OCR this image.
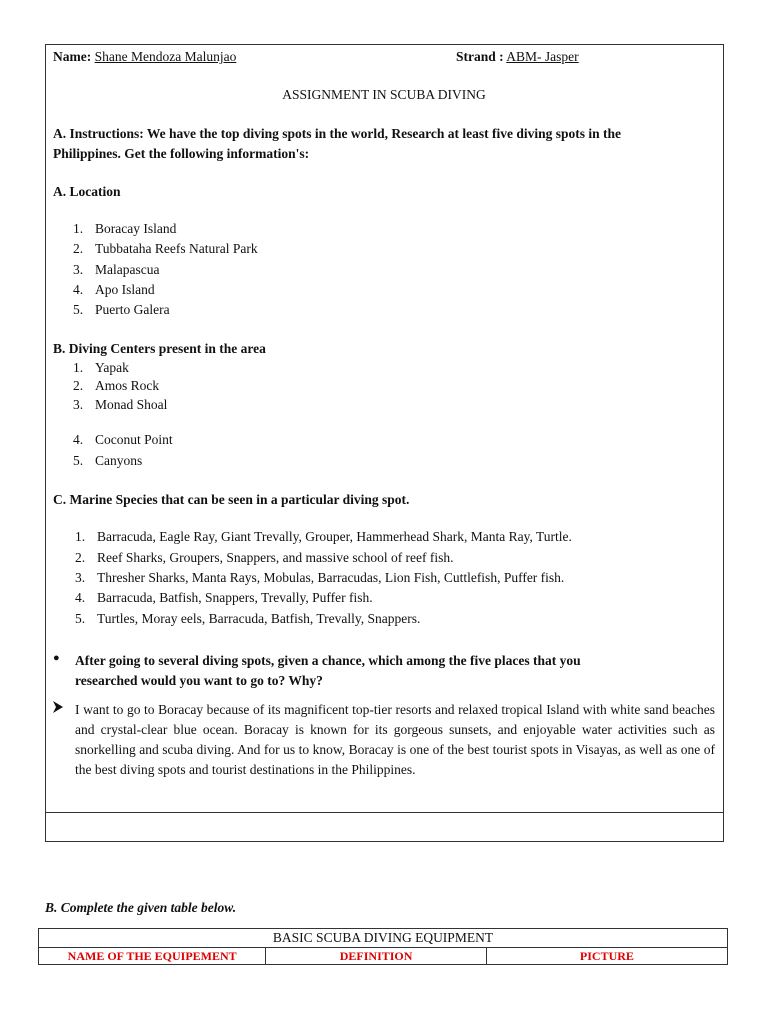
Name: Shane Mendoza Malunjao	Strand : ABM- Jasper
ASSIGNMENT IN SCUBA DIVING
A. Instructions: We have the top diving spots in the world, Research at least five diving spots in the
Philippines. Get the following information's:
A. Location
1. Boracay Island
2. Tubbataha Reefs Natural Park
3. Malapascua
4. Apo Island
5. Puerto Galera
B. Diving Centers present in the area
1. Yapak
2. Amos Rock
3. Monad Shoal
4. Coconut Point
5. Canyons
C. Marine Species that can be seen in a particular diving spot.
1. Barracuda, Eagle Ray, Giant Trevally, Grouper, Hammerhead Shark, Manta Ray, Turtle.
2. Reef Sharks, Groupers, Snappers, and massive school of reef fish.
3. Thresher Sharks, Manta Rays, Mobulas, Barracudas, Lion Fish, Cuttlefish, Puffer fish.
4. Barracuda, Batfish, Snappers, Trevally, Puffer fish.
5. Turtles, Moray eels, Barracuda, Batfish, Trevally, Snappers.
● After going to several diving spots, given a chance, which among the five places that you
researched would you want to go to? Why?
I want to go to Boracay because of its magnificent top-tier resorts and relaxed tropical Island with white sand beaches and crystal-clear blue ocean. Boracay is known for its gorgeous sunsets, and enjoyable water activities such as snorkelling and scuba diving. And for us to know, Boracay is one of the best tourist spots in Visayas, as well as one of the best diving spots and tourist destinations in the Philippines.
B. Complete the given table below.
BASIC SCUBA DIVING EQUIPMENT
NAME OF THE EQUIPEMENT	DEFINITION	PICTURE
